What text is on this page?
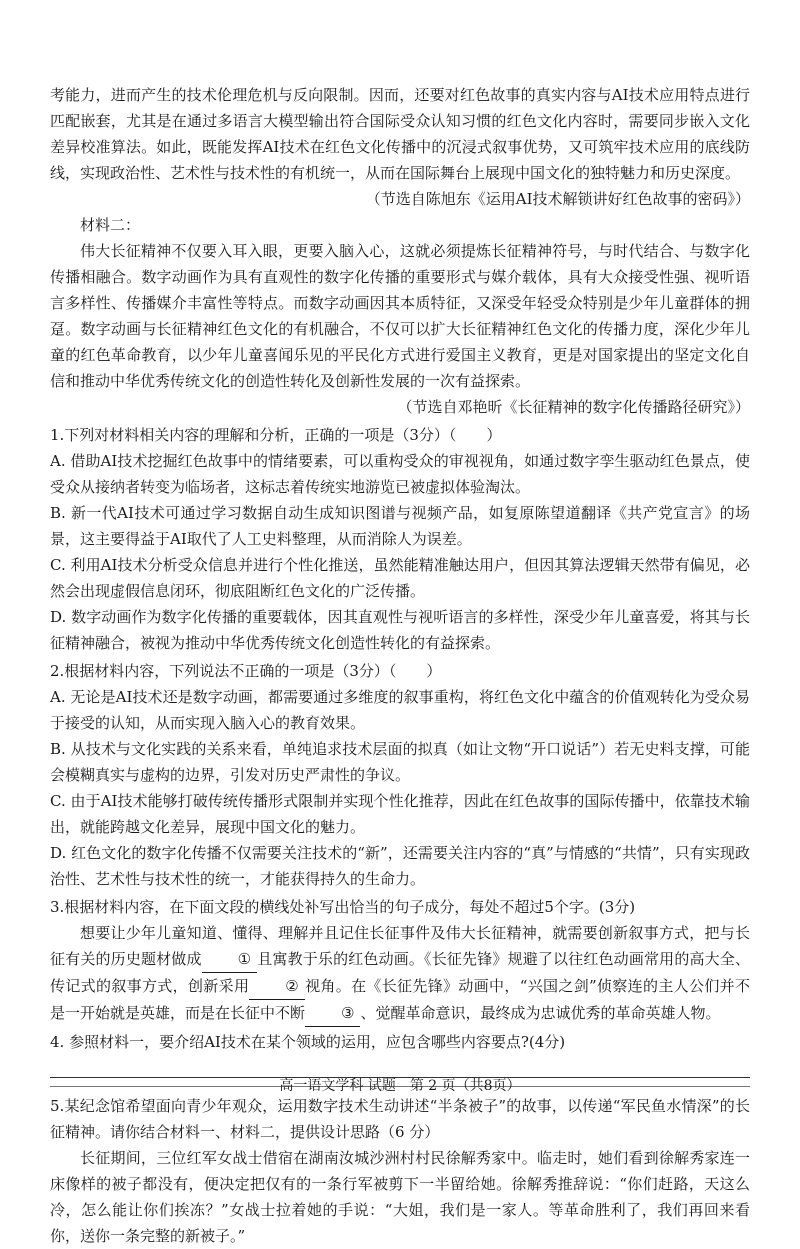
考能力，进而产生的技术伦理危机与反向限制。因而，还要对红色故事的真实内容与AI技术应用特点进行匹配嵌套，尤其是在通过多语言大模型输出符合国际受众认知习惯的红色文化内容时，需要同步嵌入文化差异校准算法。如此，既能发挥AI技术在红色文化传播中的沉浸式叙事优势，又可筑牢技术应用的底线防线，实现政治性、艺术性与技术性的有机统一，从而在国际舞台上展现中国文化的独特魅力和历史深度。

（节选自陈旭东《运用AI技术解锁讲好红色故事的密码》）

材料二：

伟大长征精神不仅要入耳入眼，更要入脑入心，这就必须提炼长征精神符号，与时代结合、与数字化传播相融合。数字动画作为具有直观性的数字化传播的重要形式与媒介载体，具有大众接受性强、视听语言多样性、传播媒介丰富性等特点。而数字动画因其本质特征，又深受年轻受众特别是少年儿童群体的拥趸。数字动画与长征精神红色文化的有机融合，不仅可以扩大长征精神红色文化的传播力度，深化少年儿童的红色革命教育，以少年儿童喜闻乐见的平民化方式进行爱国主义教育，更是对国家提出的坚定文化自信和推动中华优秀传统文化的创造性转化及创新性发展的一次有益探索。

（节选自邓艳昕《长征精神的数字化传播路径研究》）

1.下列对材料相关内容的理解和分析，正确的一项是（3分）（　　）

A. 借助AI技术挖掘红色故事中的情绪要素，可以重构受众的审视视角，如通过数字孪生驱动红色景点，使受众从接纳者转变为临场者，这标志着传统实地游览已被虚拟体验淘汰。

B. 新一代AI技术可通过学习数据自动生成知识图谱与视频产品，如复原陈望道翻译《共产党宣言》的场景，这主要得益于AI取代了人工史料整理，从而消除人为误差。

C. 利用AI技术分析受众信息并进行个性化推送，虽然能精准触达用户，但因其算法逻辑天然带有偏见，必然会出现虚假信息闭环，彻底阻断红色文化的广泛传播。

D. 数字动画作为数字化传播的重要载体，因其直观性与视听语言的多样性，深受少年儿童喜爱，将其与长征精神融合，被视为推动中华优秀传统文化创造性转化的有益探索。

2.根据材料内容，下列说法不正确的一项是（3分）（　　）

A. 无论是AI技术还是数字动画，都需要通过多维度的叙事重构，将红色文化中蕴含的价值观转化为受众易于接受的认知，从而实现入脑入心的教育效果。

B. 从技术与文化实践的关系来看，单纯追求技术层面的拟真（如让文物“开口说话”）若无史料支撑，可能会模糊真实与虚构的边界，引发对历史严肃性的争议。

C. 由于AI技术能够打破传统传播形式限制并实现个性化推荐，因此在红色故事的国际传播中，依靠技术输出，就能跨越文化差异，展现中国文化的魅力。

D. 红色文化的数字化传播不仅需要关注技术的“新”，还需要关注内容的“真”与情感的“共情”，只有实现政治性、艺术性与技术性的统一，才能获得持久的生命力。

3.根据材料内容，在下面文段的横线处补写出恰当的句子成分，每处不超过5个字。(3分)

想要让少年儿童知道、懂得、理解并且记住长征事件及伟大长征精神，就需要创新叙事方式，把与长征有关的历史题材做成 ① 且寓教于乐的红色动画。《长征先锋》规避了以往红色动画常用的高大全、传记式的叙事方式，创新采用 ② 视角。在《长征先锋》动画中，“兴国之剑”侦察连的主人公们并不是一开始就是英雄，而是在长征中不断 ③ 、觉醒革命意识，最终成为忠诚优秀的革命英雄人物。

4. 参照材料一，要介绍AI技术在某个领域的运用，应包含哪些内容要点?(4分)

5.某纪念馆希望面向青少年观众，运用数字技术生动讲述“半条被子”的故事，以传递“军民鱼水情深”的长征精神。请你结合材料一、材料二，提供设计思路（6 分）

长征期间，三位红军女战士借宿在湖南汝城沙洲村村民徐解秀家中。临走时，她们看到徐解秀家连一床像样的被子都没有，便决定把仅有的一条行军被剪下一半留给她。徐解秀推辞说：“你们赶路，天这么冷，怎么能让你们挨冻？”女战士拉着她的手说：“大姐，我们是一家人。等革命胜利了，我们再回来看你，送你一条完整的新被子。”

高一语文学科 试题　第 2 页（共8页）
